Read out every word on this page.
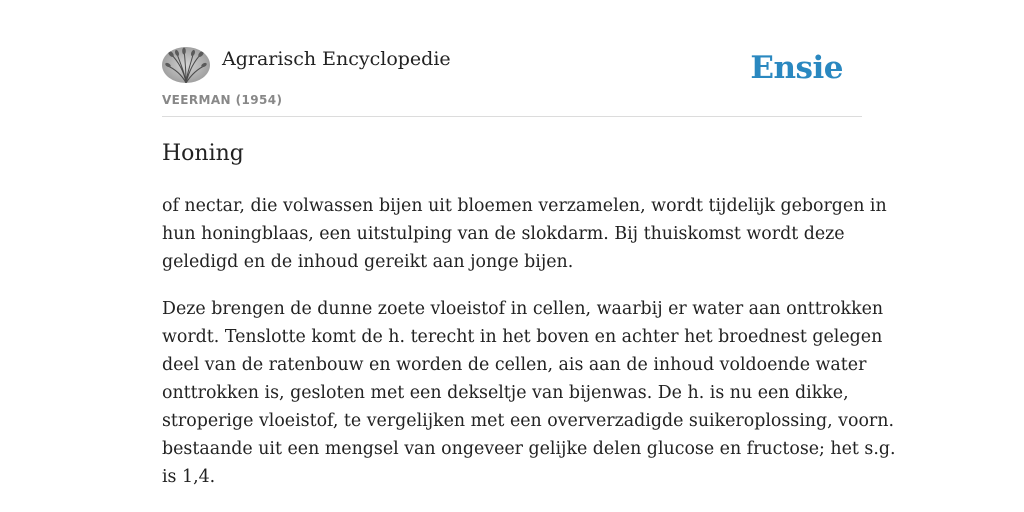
Agrarisch Encyclopedie
VEERMAN (1954)
Ensie
Honing

of nectar, die volwassen bijen uit bloemen verzamelen, wordt tijdelijk geborgen in
hun honingblaas, een uitstulping van de slokdarm. Bij thuiskomst wordt deze
geledigd en de inhoud gereikt aan jonge bijen.

Deze brengen de dunne zoete vloeistof in cellen, waarbij er water aan onttrokken
wordt. Tenslotte komt de h. terecht in het boven en achter het broednest gelegen
deel van de ratenbouw en worden de cellen, ais aan de inhoud voldoende water
onttrokken is, gesloten met een dekseltje van bijenwas. De h. is nu een dikke,
stroperige vloeistof, te vergelijken met een oververzadigde suikeroplossing, voorn.
bestaande uit een mengsel van ongeveer gelijke delen glucose en fructose; het s.g.
is 1,4.
